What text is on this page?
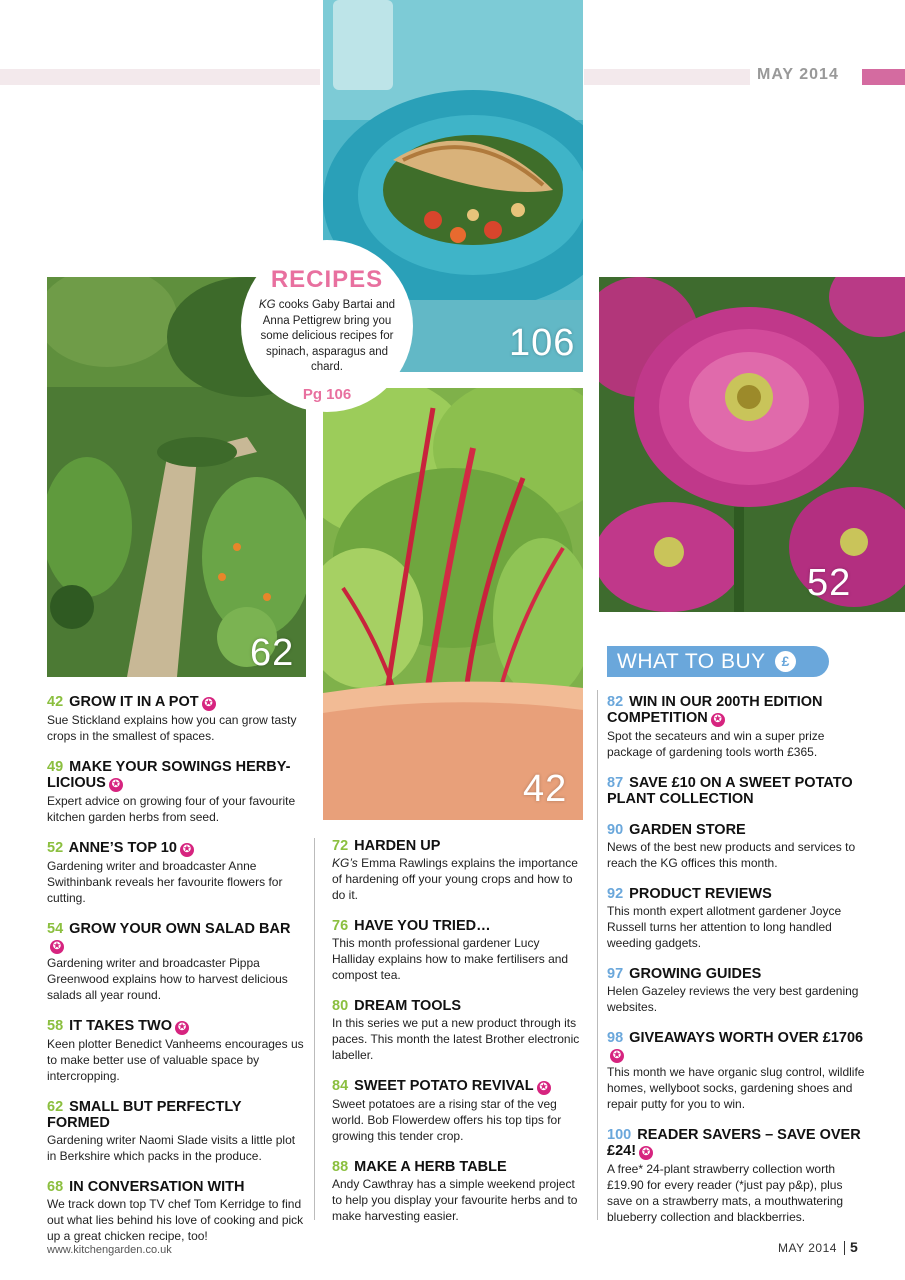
MAY 2014
106
62
42
52
RECIPES
KG cooks Gaby Bartai and Anna Pettigrew bring you some delicious recipes for spinach, asparagus and chard.
Pg 106
WHAT TO BUY	£
42 GROW IT IN A POT ✪
Sue Stickland explains how you can grow tasty crops in the smallest of spaces.
49 MAKE YOUR SOWINGS HERBY-LICIOUS ✪
Expert advice on growing four of your favourite kitchen garden herbs from seed.
52 ANNE’S TOP 10 ✪
Gardening writer and broadcaster Anne Swithinbank reveals her favourite flowers for cutting.
54 GROW YOUR OWN SALAD BAR✪
Gardening writer and broadcaster Pippa Greenwood explains how to harvest delicious salads all year round.
58 IT TAKES TWO ✪
Keen plotter Benedict Vanheems encourages us to make better use of valuable space by intercropping.
62 SMALL BUT PERFECTLY FORMED
Gardening writer Naomi Slade visits a little plot in Berkshire which packs in the produce.
68 IN CONVERSATION WITH
We track down top TV chef Tom Kerridge to find out what lies behind his love of cooking and pick up a great chicken recipe, too!
72 HARDEN UP
KG’s Emma Rawlings explains the importance of hardening off your young crops and how to do it.
76 HAVE YOU TRIED…
This month professional gardener Lucy Halliday explains how to make fertilisers and compost tea.
80 DREAM TOOLS
In this series we put a new product through its paces. This month the latest Brother electronic labeller.
84 SWEET POTATO REVIVAL ✪
Sweet potatoes are a rising star of the veg world. Bob Flowerdew offers his top tips for growing this tender crop.
88 MAKE A HERB TABLE
Andy Cawthray has a simple weekend project to help you display your favourite herbs and to make harvesting easier.
82 WIN IN OUR 200TH EDITION COMPETITION ✪
Spot the secateurs and win a super prize package of gardening tools worth £365.
87 SAVE £10 ON A SWEET POTATO PLANT COLLECTION
90 GARDEN STORE
News of the best new products and services to reach the KG offices this month.
92 PRODUCT REVIEWS
This month expert allotment gardener Joyce Russell turns her attention to long handled weeding gadgets.
97 GROWING GUIDES
Helen Gazeley reviews the very best gardening websites.
98 GIVEAWAYS WORTH OVER £1706✪
This month we have organic slug control, wildlife homes, wellyboot socks, gardening shoes and repair putty for you to win.
100 READER SAVERS – SAVE OVER £24! ✪
A free* 24-plant strawberry collection worth £19.90 for every reader (*just pay p&p), plus save on a strawberry mats, a mouthwatering blueberry collection and blackberries.
www.kitchengarden.co.uk	MAY 2014 5
